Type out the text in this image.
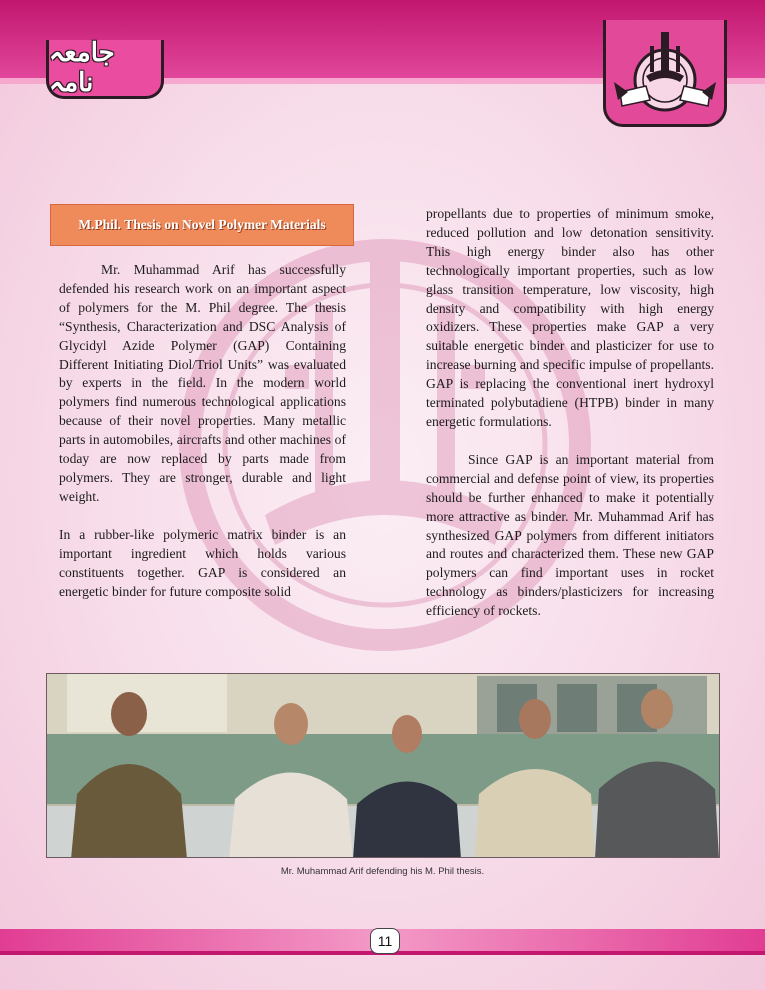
جامعہ نامہ
M.Phil. Thesis on Novel Polymer Materials

Mr. Muhammad Arif has successfully defended his research work on an important aspect of polymers for the M. Phil degree. The thesis “Synthesis, Characterization and DSC Analysis of Glycidyl Azide Polymer (GAP) Containing Different Initiating Diol/Triol Units” was evaluated by experts in the field. In the modern world polymers find numerous technological applications because of their novel properties. Many metallic parts in automobiles, aircrafts and other machines of today are now replaced by parts made from polymers. They are stronger, durable and light weight.

In a rubber-like polymeric matrix binder is an important ingredient which holds various constituents together. GAP is considered an energetic binder for future composite solid

propellants due to properties of minimum smoke, reduced pollution and low detonation sensitivity. This high energy binder also has other technologically important properties, such as low glass transition temperature, low viscosity, high density and compatibility with high energy oxidizers. These properties make GAP a very suitable energetic binder and plasticizer for use to increase burning and specific impulse of propellants. GAP is replacing the conventional inert hydroxyl terminated polybutadiene (HTPB) binder in many energetic formulations.

Since GAP is an important material from commercial and defense point of view, its properties should be further enhanced to make it potentially more attractive as binder. Mr. Muhammad Arif has synthesized GAP polymers from different initiators and routes and characterized them. These new GAP polymers can find important uses in rocket technology as binders/plasticizers for increasing efficiency of rockets.

Mr. Muhammad Arif defending his M. Phil thesis.
11
